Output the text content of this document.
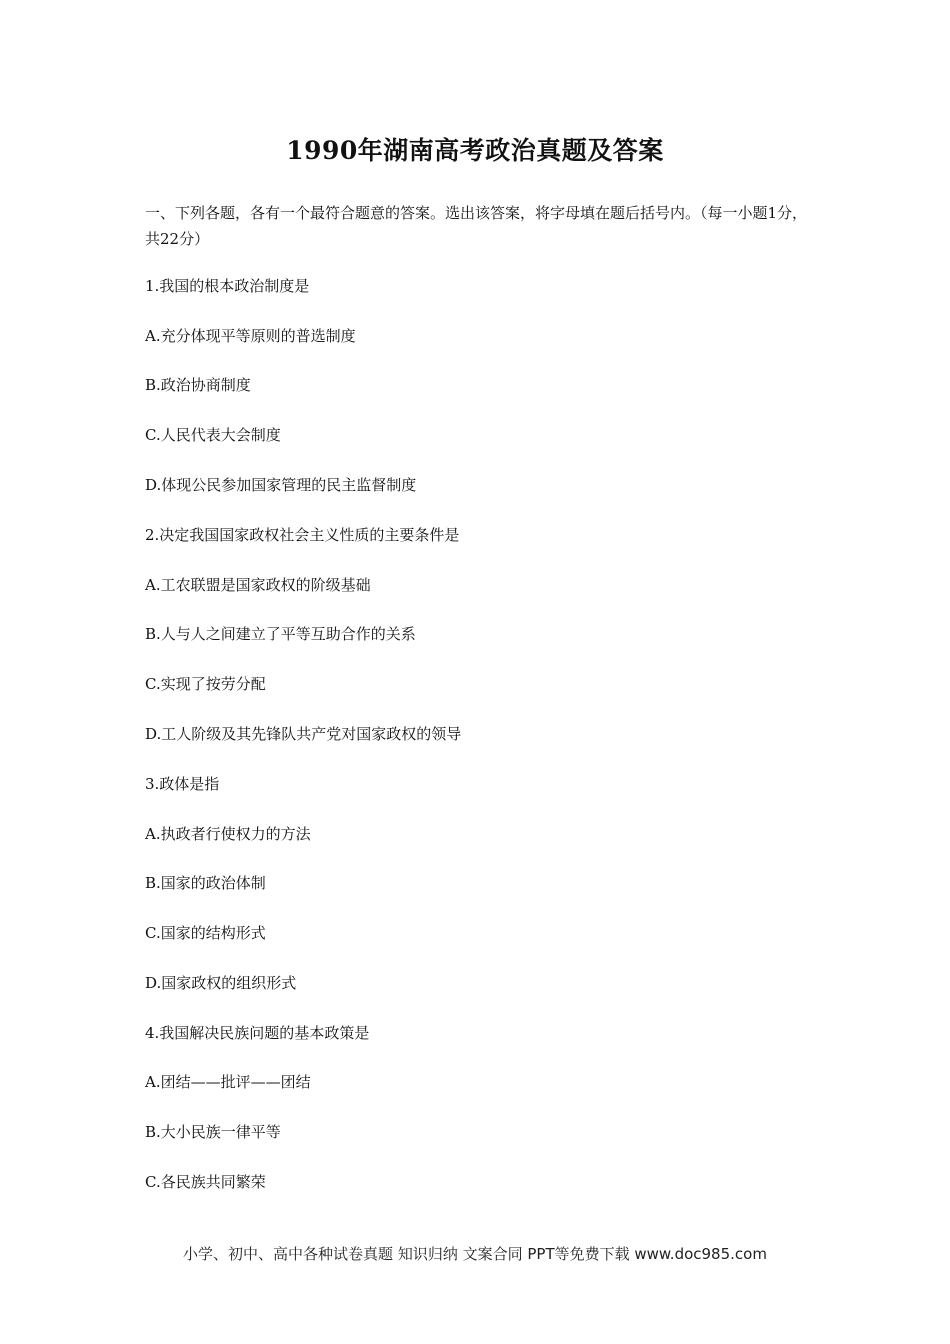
1990年湖南高考政治真题及答案
一、下列各题，各有一个最符合题意的答案。选出该答案，将字母填在题后括号内。（每一小题1分，共22分）
1.我国的根本政治制度是
A.充分体现平等原则的普选制度
B.政治协商制度
C.人民代表大会制度
D.体现公民参加国家管理的民主监督制度
2.决定我国国家政权社会主义性质的主要条件是
A.工农联盟是国家政权的阶级基础
B.人与人之间建立了平等互助合作的关系
C.实现了按劳分配
D.工人阶级及其先锋队共产党对国家政权的领导
3.政体是指
A.执政者行使权力的方法
B.国家的政治体制
C.国家的结构形式
D.国家政权的组织形式
4.我国解决民族问题的基本政策是
A.团结——批评——团结
B.大小民族一律平等
C.各民族共同繁荣
小学、初中、高中各种试卷真题 知识归纳 文案合同 PPT等免费下载 www.doc985.com
